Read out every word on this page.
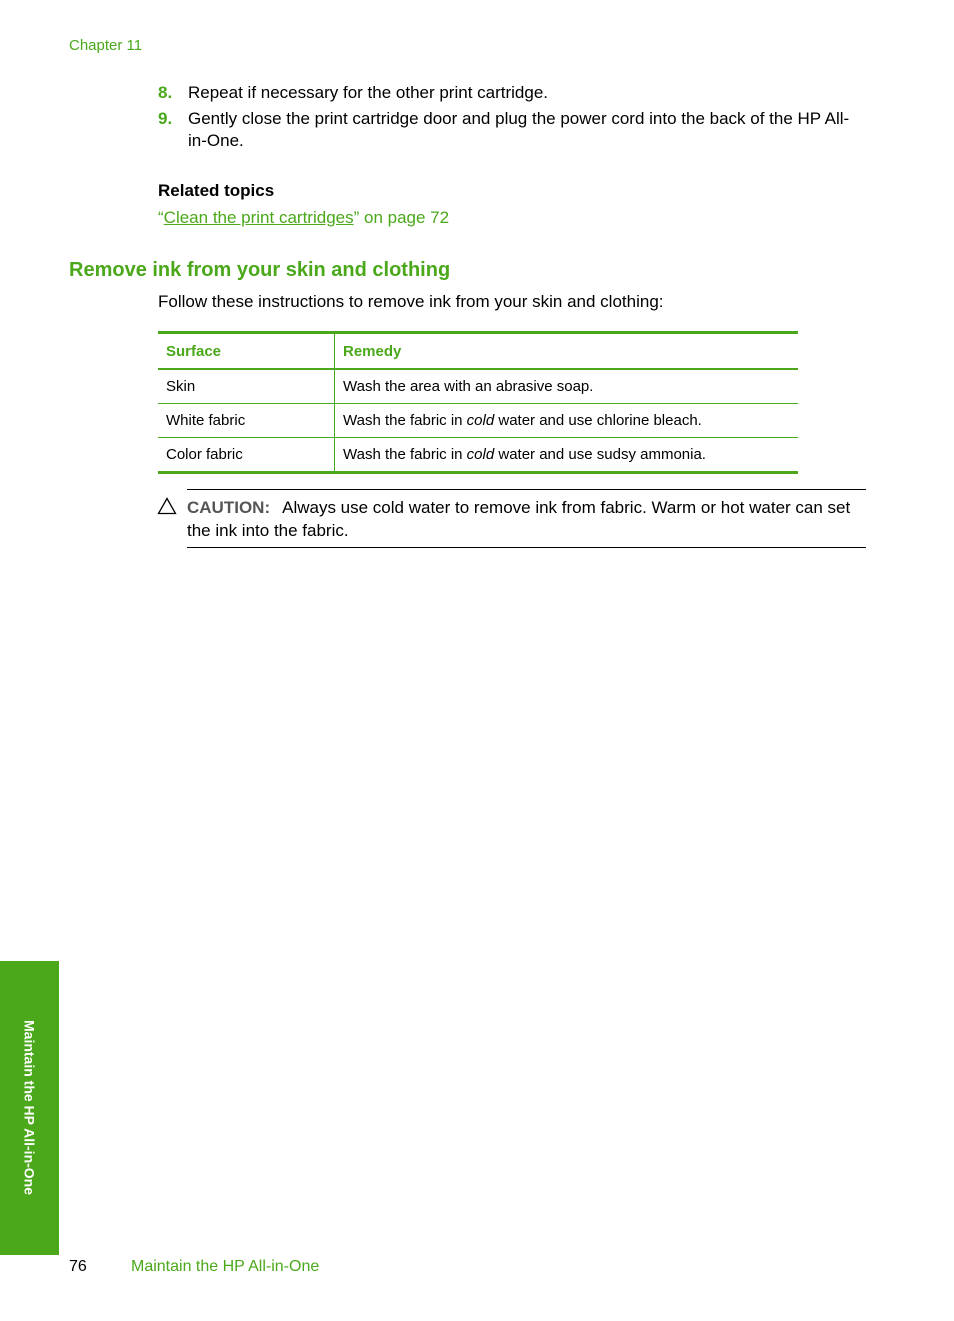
Chapter 11
8. Repeat if necessary for the other print cartridge.
9. Gently close the print cartridge door and plug the power cord into the back of the HP All-in-One.
Related topics
“Clean the print cartridges” on page 72
Remove ink from your skin and clothing
Follow these instructions to remove ink from your skin and clothing:
Surface	Remedy
Skin	Wash the area with an abrasive soap.
White fabric	Wash the fabric in cold water and use chlorine bleach.
Color fabric	Wash the fabric in cold water and use sudsy ammonia.
CAUTION: Always use cold water to remove ink from fabric. Warm or hot water can set the ink into the fabric.
Maintain the HP All-in-One
76	Maintain the HP All-in-One
